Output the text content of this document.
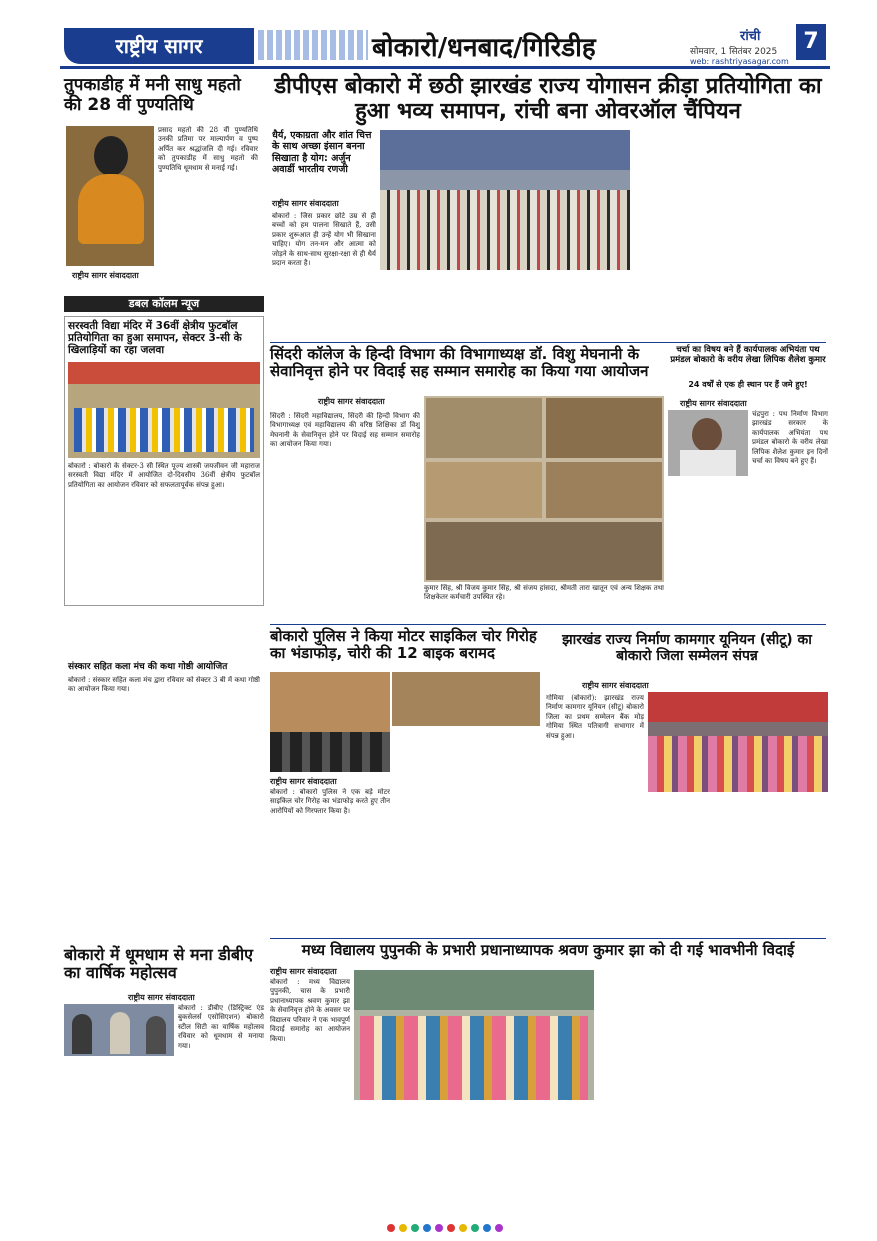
राष्ट्रीय सागर	बोकारो/धनबाद/गिरिडीह	रांची
सोमवार, 1 सितंबर 2025	7
web: rashtriyasagar.com
तुपकाडीह में मनी साधु महतो की 28 वीं पुण्यतिथि
प्रसाद महतो की 28 वीं पुण्यतिथि उनकी प्रतिमा पर माल्यार्पण व पुष्प अर्पित कर श्रद्धांजलि दी गई। रविवार को तुपकाडीह में साधु महतो की पुण्यतिथि धूमधाम से मनाई गई।
राष्ट्रीय सागर संवाददाता
डबल कॉलम न्यूज
सरस्वती विद्या मंदिर में 36वीं क्षेत्रीय फुटबॉल प्रतियोगिता का हुआ समापन, सेक्टर 3-सी के खिलाड़ियों का रहा जलवा
बोकारो : बोकारो के सेक्टर-3 सी स्थित पूज्य शास्त्री जयजीवन जी महाराज सरस्वती विद्या मंदिर में आयोजित दो-दिवसीय 36वीं क्षेत्रीय फुटबॉल प्रतियोगिता का आयोजन रविवार को सफलतापूर्वक संपन्न हुआ।
संस्कार सहित कला मंच की कथा गोष्ठी आयोजित
बोकारो : संस्कार सहित कला मंच द्वारा रविवार को सेक्टर 3 बी में कथा गोष्ठी का आयोजन किया गया।
बोकारो में धूमधाम से मना डीबीए का वार्षिक महोत्सव
राष्ट्रीय सागर संवाददाता
बोकारो : डीबीए (डिस्ट्रिक्ट एंड बुकसेलर्स एसोसिएशन) बोकारो स्टील सिटी का वार्षिक महोत्सव रविवार को धूमधाम से मनाया गया।
डीपीएस बोकारो में छठी झारखंड राज्य योगासन क्रीड़ा प्रतियोगिता का हुआ भव्य समापन, रांची बना ओवरऑल चैंपियन
धैर्य, एकाग्रता और शांत चित्त के साथ अच्छा इंसान बनना सिखाता है योग: अर्जुन अवार्डी भारतीय रणजी
राष्ट्रीय सागर संवाददाता
बोकारो : जिस प्रकार छोटे उम्र से ही बच्चों को हम पालना सिखाते हैं, उसी प्रकार शुरूआत ही उन्हें योग भी सिखाना चाहिए। योग तन-मन और आत्मा को जोड़ने के साथ-साथ सुरक्षा-रक्षा से ही धैर्य प्रदान करता है।
सिंदरी कॉलेज के हिन्दी विभाग की विभागाध्यक्ष डॉ. विशु मेघनानी के सेवानिवृत्त होने पर विदाई सह सम्मान समारोह का किया गया आयोजन
राष्ट्रीय सागर संवाददाता
सिंदरी : सिंदरी महाविद्यालय, सिंदरी की हिन्दी विभाग की विभागाध्यक्ष एवं महाविद्यालय की वरिष्ठ शिक्षिका डॉ विशु मेघनानी के सेवानिवृत्त होने पर विदाई सह सम्मान समारोह का आयोजन किया गया।
कुमार सिंह, श्री विजय कुमार सिंह, श्री संजय हांसदा, श्रीमती तारा खातून एवं अन्य शिक्षक तथा शिक्षकेतर कर्मचारी उपस्थित रहे।
चर्चा का विषय बने हैं कार्यपालक अभियंता पथ प्रमंडल बोकारो के वरीय लेखा लिपिक शैलेश कुमार
24 वर्षों से एक ही स्थान पर हैं जमे हुए!
राष्ट्रीय सागर संवाददाता
चंद्रपुरा : पथ निर्माण विभाग झारखंड सरकार के कार्यपालक अभियंता पथ प्रमंडल बोकारो के वरीय लेखा लिपिक शैलेश कुमार इन दिनों चर्चा का विषय बने हुए हैं।
बोकारो पुलिस ने किया मोटर साइकिल चोर गिरोह का भंडाफोड़, चोरी की 12 बाइक बरामद
राष्ट्रीय सागर संवाददाता
बोकारो : बोकारो पुलिस ने एक बड़े मोटर साइकिल चोर गिरोह का भंडाफोड़ करते हुए तीन आरोपियों को गिरफ्तार किया है।
झारखंड राज्य निर्माण कामगार यूनियन (सीटू) का बोकारो जिला सम्मेलन संपन्न
राष्ट्रीय सागर संवाददाता
गोमिया (बोकारो): झारखंड राज्य निर्माण कामगार यूनियन (सीटू) बोकारो जिला का प्रथम सम्मेलन बैंक मोड़ गोमिया स्थित पतित्रागी सभागार में संपन्न हुआ।
मध्य विद्यालय पुपुनकी के प्रभारी प्रधानाध्यापक श्रवण कुमार झा को दी गई भावभीनी विदाई
राष्ट्रीय सागर संवाददाता
बोकारो : मध्य विद्यालय पुपुनकी, चास के प्रभारी प्रधानाध्यापक श्रवण कुमार झा के सेवानिवृत्त होने के अवसर पर विद्यालय परिवार ने एक भावपूर्ण विदाई समारोह का आयोजन किया।
